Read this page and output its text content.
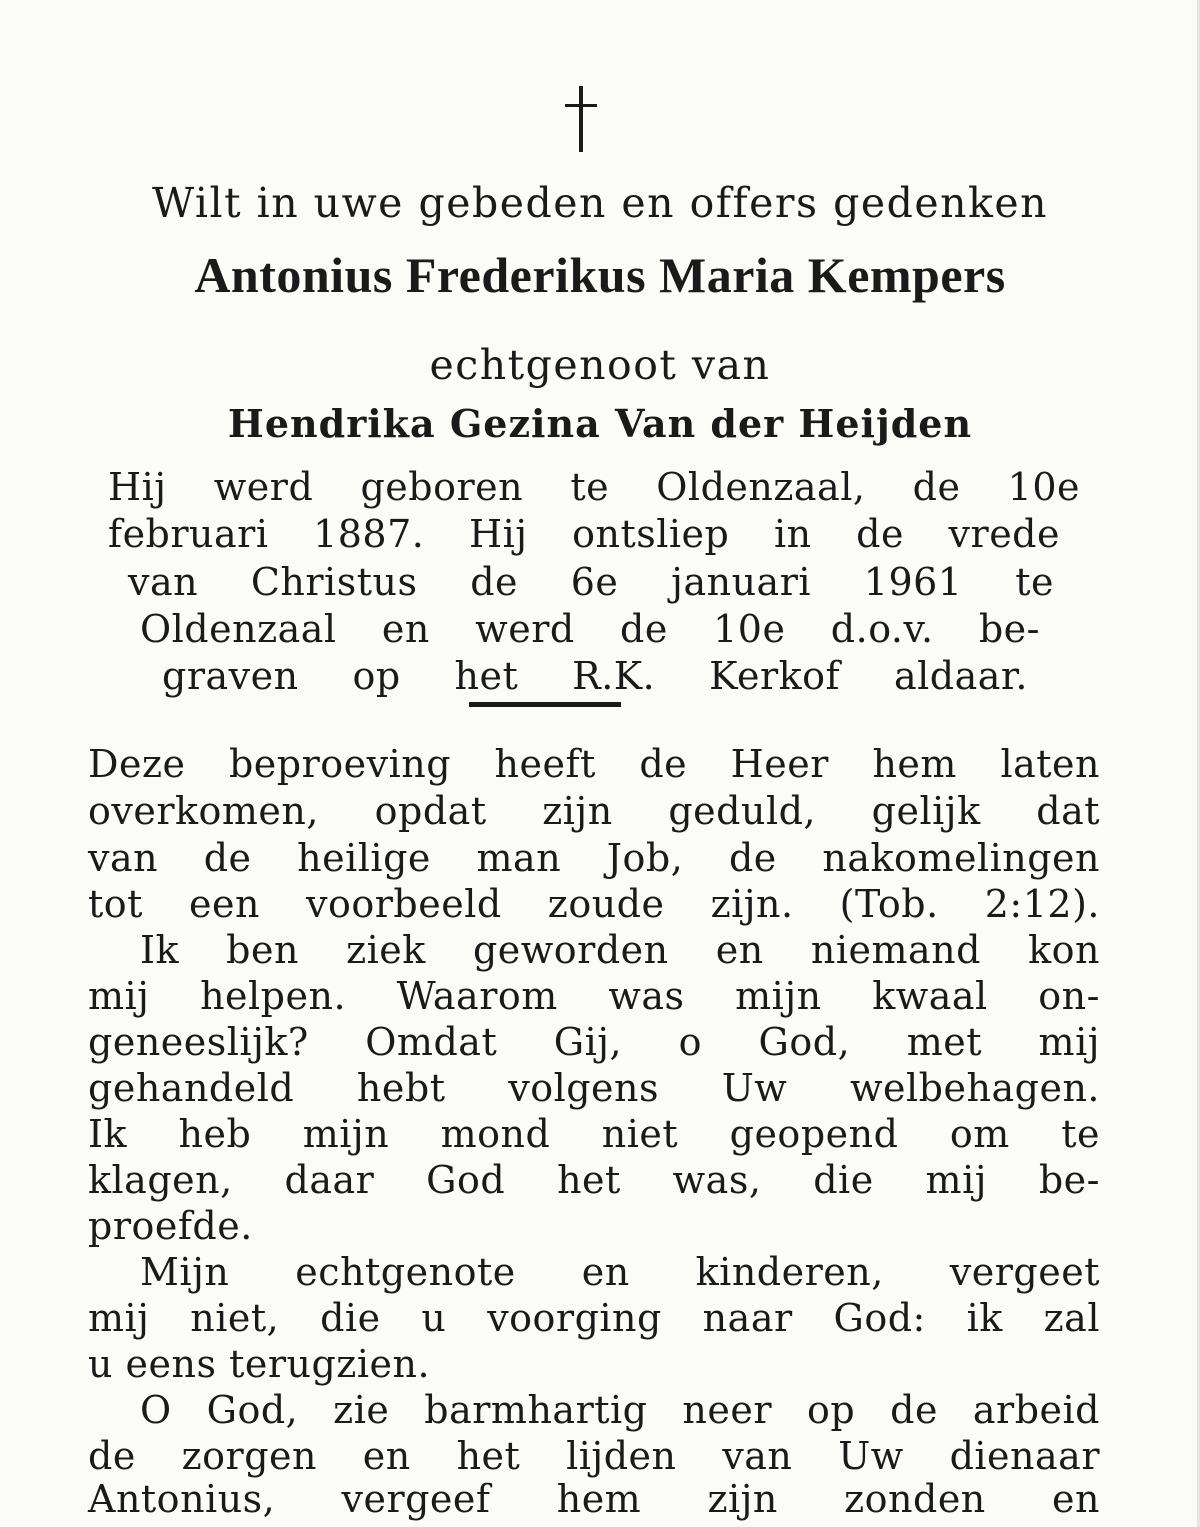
Wilt in uwe gebeden en offers gedenken
Antonius Frederikus Maria Kempers
echtgenoot van
Hendrika Gezina Van der Heijden
Hij werd geboren te Oldenzaal, de 10e
februari 1887. Hij ontsliep in de vrede
van Christus de 6e januari 1961 te
Oldenzaal en werd de 10e d.o.v. be-
graven op het R.K. Kerkof aldaar.
Deze beproeving heeft de Heer hem laten
overkomen, opdat zijn geduld, gelijk dat
van de heilige man Job, de nakomelingen
tot een voorbeeld zoude zijn. (Tob. 2:12).
Ik ben ziek geworden en niemand kon
mij helpen. Waarom was mijn kwaal on-
geneeslijk? Omdat Gij, o God, met mij
gehandeld hebt volgens Uw welbehagen.
Ik heb mijn mond niet geopend om te
klagen, daar God het was, die mij be-
proefde.
Mijn echtgenote en kinderen, vergeet
mij niet, die u voorging naar God: ik zal
u eens terugzien.
O God, zie barmhartig neer op de arbeid
de zorgen en het lijden van Uw dienaar
Antonius, vergeef hem zijn zonden en
